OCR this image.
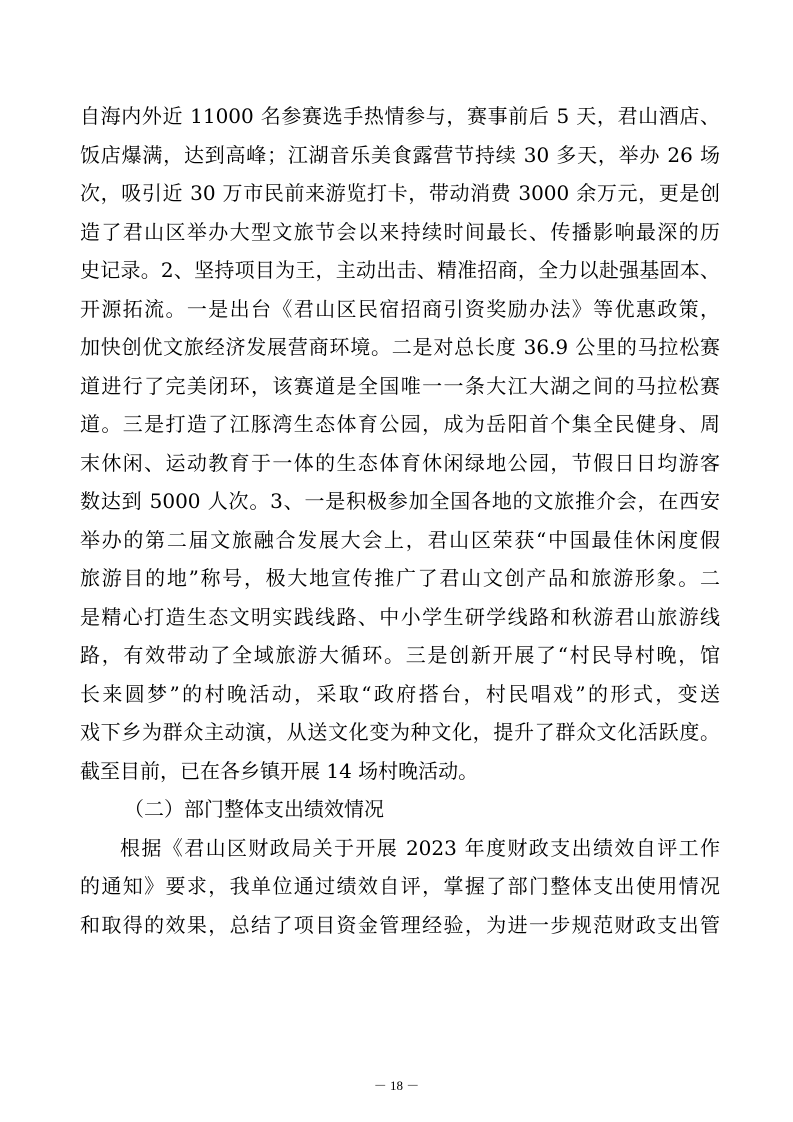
自海内外近 11000 名参赛选手热情参与，赛事前后 5 天，君山酒店、
饭店爆满，达到高峰；江湖音乐美食露营节持续 30 多天，举办 26 场
次，吸引近 30 万市民前来游览打卡，带动消费 3000 余万元，更是创
造了君山区举办大型文旅节会以来持续时间最长、传播影响最深的历
史记录。2、坚持项目为王，主动出击、精准招商，全力以赴强基固本、
开源拓流。一是出台《君山区民宿招商引资奖励办法》等优惠政策，
加快创优文旅经济发展营商环境。二是对总长度 36.9 公里的马拉松赛
道进行了完美闭环，该赛道是全国唯一一条大江大湖之间的马拉松赛
道。三是打造了江豚湾生态体育公园，成为岳阳首个集全民健身、周
末休闲、运动教育于一体的生态体育休闲绿地公园，节假日日均游客
数达到 5000 人次。3、一是积极参加全国各地的文旅推介会，在西安
举办的第二届文旅融合发展大会上，君山区荣获“中国最佳休闲度假
旅游目的地”称号，极大地宣传推广了君山文创产品和旅游形象。二
是精心打造生态文明实践线路、中小学生研学线路和秋游君山旅游线
路，有效带动了全域旅游大循环。三是创新开展了“村民导村晚，馆
长来圆梦”的村晚活动，采取“政府搭台，村民唱戏”的形式，变送
戏下乡为群众主动演，从送文化变为种文化，提升了群众文化活跃度。
截至目前，已在各乡镇开展 14 场村晚活动。
（二）部门整体支出绩效情况
根据《君山区财政局关于开展 2023 年度财政支出绩效自评工作
的通知》要求，我单位通过绩效自评，掌握了部门整体支出使用情况
和取得的效果，总结了项目资金管理经验，为进一步规范财政支出管
－ 18 －
